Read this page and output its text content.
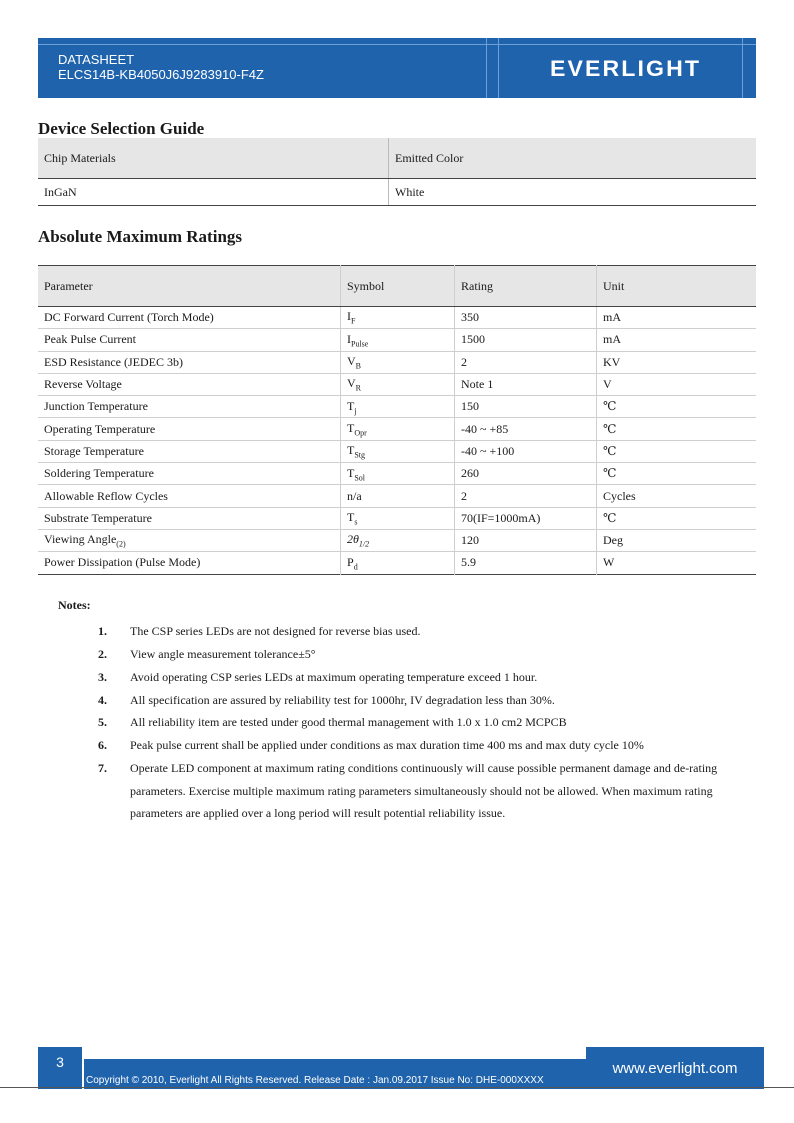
DATASHEET
ELCS14B-KB4050J6J9283910-F4Z	EVERLIGHT
Device Selection Guide
Chip Materials	Emitted Color
InGaN	White
Absolute Maximum Ratings
Parameter	Symbol	Rating	Unit
DC Forward Current (Torch Mode)	$I_F$	350	mA
Peak Pulse Current	$I_{Pulse}$	1500	mA
ESD Resistance (JEDEC 3b)	$V_B$	2	KV
Reverse Voltage	$V_R$	Note 1	V
Junction Temperature	$T_j$	150	℃
Operating Temperature	$T_{Opr}$	-40 ~ +85	℃
Storage Temperature	$T_{Stg}$	-40 ~ +100	℃
Soldering Temperature	$T_{Sol}$	260	℃
Allowable Reflow Cycles	n/a	2	Cycles
Substrate Temperature	$T_s$	70(IF=1000mA)	℃
Viewing Angle$_{(2)}$	$2\theta_{1/2}$	120	Deg
Power Dissipation (Pulse Mode)	$P_d$	5.9	W
Notes:
1. The CSP series LEDs are not designed for reverse bias used.
2. View angle measurement tolerance±5°
3. Avoid operating CSP series LEDs at maximum operating temperature exceed 1 hour.
4. All specification are assured by reliability test for 1000hr, IV degradation less than 30%.
5. All reliability item are tested under good thermal management with 1.0 x 1.0 cm2 MCPCB
6. Peak pulse current shall be applied under conditions as max duration time 400 ms and max duty cycle 10%
7. Operate LED component at maximum rating conditions continuously will cause possible permanent damage and de-rating parameters. Exercise multiple maximum rating parameters simultaneously should not be allowed. When maximum rating parameters are applied over a long period will result potential reliability issue.
3
Copyright © 2010, Everlight All Rights Reserved. Release Date : Jan.09.2017 Issue No: DHE-000XXXX
www.everlight.com
